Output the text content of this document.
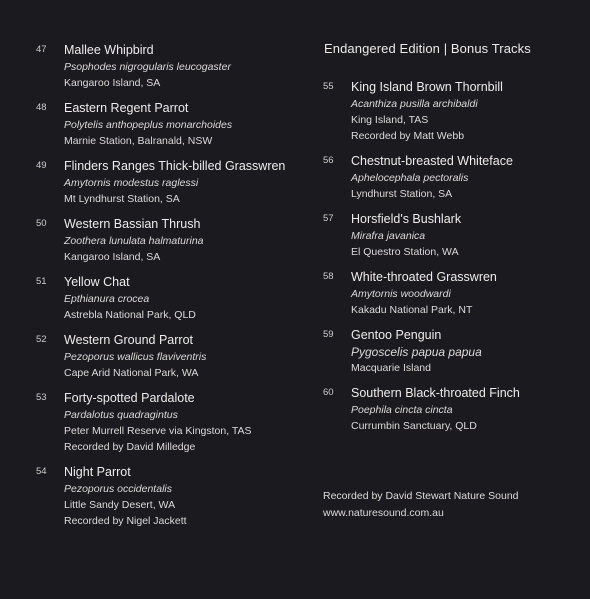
47 Mallee Whipbird
Psophodes nigrogularis leucogaster
Kangaroo Island, SA
48 Eastern Regent Parrot
Polytelis anthopeplus monarchoides
Marnie Station, Balranald, NSW
49 Flinders Ranges Thick-billed Grasswren
Amytornis modestus raglessi
Mt Lyndhurst Station, SA
50 Western Bassian Thrush
Zoothera lunulata halmaturina
Kangaroo Island, SA
51 Yellow Chat
Epthianura crocea
Astrebla National Park, QLD
52 Western Ground Parrot
Pezoporus wallicus flaviventris
Cape Arid National Park, WA
53 Forty-spotted Pardalote
Pardalotus quadragintus
Peter Murrell Reserve via Kingston, TAS
Recorded by David Milledge
54 Night Parrot
Pezoporus occidentalis
Little Sandy Desert, WA
Recorded by Nigel Jackett
Endangered Edition | Bonus Tracks
55 King Island Brown Thornbill
Acanthiza pusilla archibaldi
King Island, TAS
Recorded by Matt Webb
56 Chestnut-breasted Whiteface
Aphelocephala pectoralis
Lyndhurst Station, SA
57 Horsfield's Bushlark
Mirafra javanica
El Questro Station, WA
58 White-throated Grasswren
Amytornis woodwardi
Kakadu National Park, NT
59 Gentoo Penguin
Pygoscelis papua papua
Macquarie Island
60 Southern Black-throated Finch
Poephila cincta cincta
Currumbin Sanctuary, QLD
Recorded by David Stewart Nature Sound
www.naturesound.com.au
